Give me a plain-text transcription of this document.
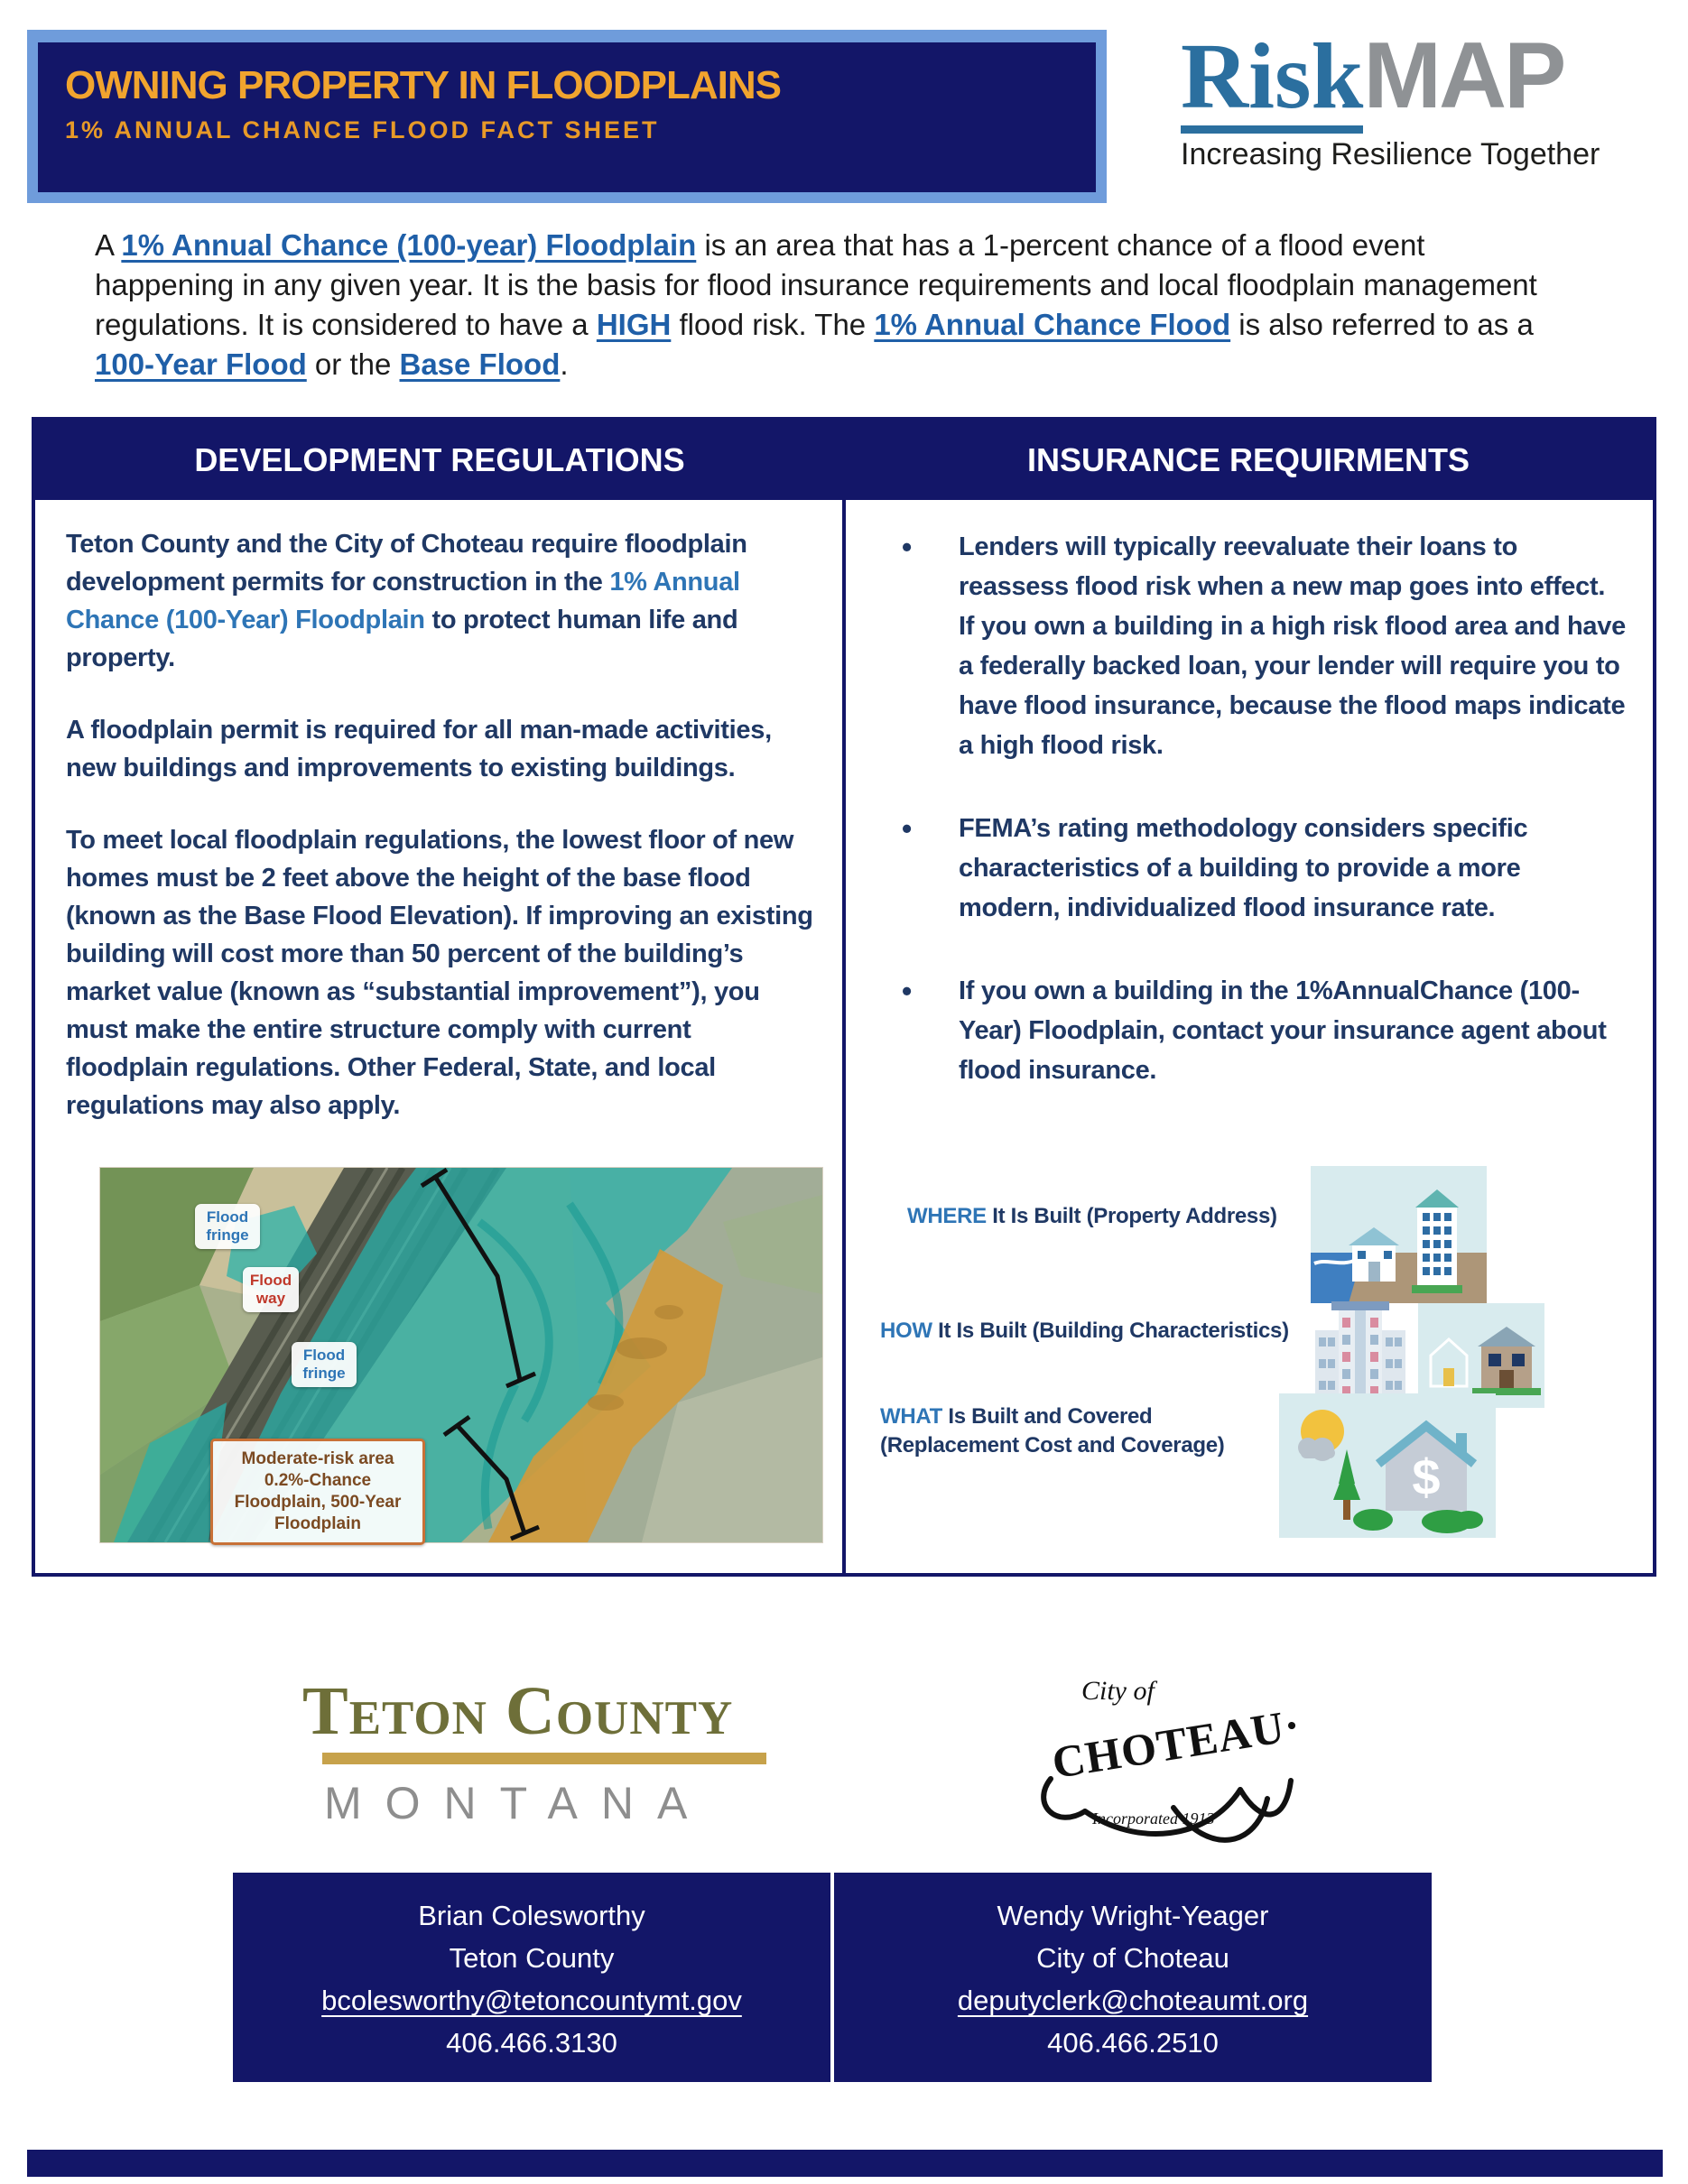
OWNING PROPERTY IN FLOODPLAINS
1% ANNUAL CHANCE FLOOD FACT SHEET
RiskMAP
Increasing Resilience Together
A 1% Annual Chance (100-year) Floodplain is an area that has a 1-percent chance of a flood event happening in any given year. It is the basis for flood insurance requirements and local floodplain management regulations. It is considered to have a HIGH flood risk. The 1% Annual Chance Flood is also referred to as a 100-Year Flood or the Base Flood.
DEVELOPMENT REGULATIONS	INSURANCE REQUIRMENTS

Teton County and the City of Choteau require floodplain development permits for construction in the 1% Annual Chance (100-Year) Floodplain to protect human life and property.

A floodplain permit is required for all man-made activities, new buildings and improvements to existing buildings.

To meet local floodplain regulations, the lowest floor of new homes must be 2 feet above the height of the base flood (known as the Base Flood Elevation). If improving an existing building will cost more than 50 percent of the building’s market value (known as “substantial improvement”), you must make the entire structure comply with current floodplain regulations. Other Federal, State, and local regulations may also apply.

Flood fringe
Flood way
Flood fringe
Moderate-risk area 0.2%-Chance Floodplain, 500-Year Floodplain
• Lenders will typically reevaluate their loans to reassess flood risk when a new map goes into effect. If you own a building in a high risk flood area and have a federally backed loan, your lender will require you to have flood insurance, because the flood maps indicate a high flood risk.
• FEMA’s rating methodology considers specific characteristics of a building to provide a more modern, individualized flood insurance rate.
• If you own a building in the 1%AnnualChance (100-Year) Floodplain, contact your insurance agent about flood insurance.
WHERE It Is Built (Property Address)
HOW It Is Built (Building Characteristics)
WHAT Is Built and Covered (Replacement Cost and Coverage)
$
Teton County
MONTANA
City of
CHOTEAU·
Incorporated 1913
Brian Colesworthy
Teton County
bcolesworthy@tetoncountymt.gov
406.466.3130
Wendy Wright-Yeager
City of Choteau
deputyclerk@choteaumt.org
406.466.2510
